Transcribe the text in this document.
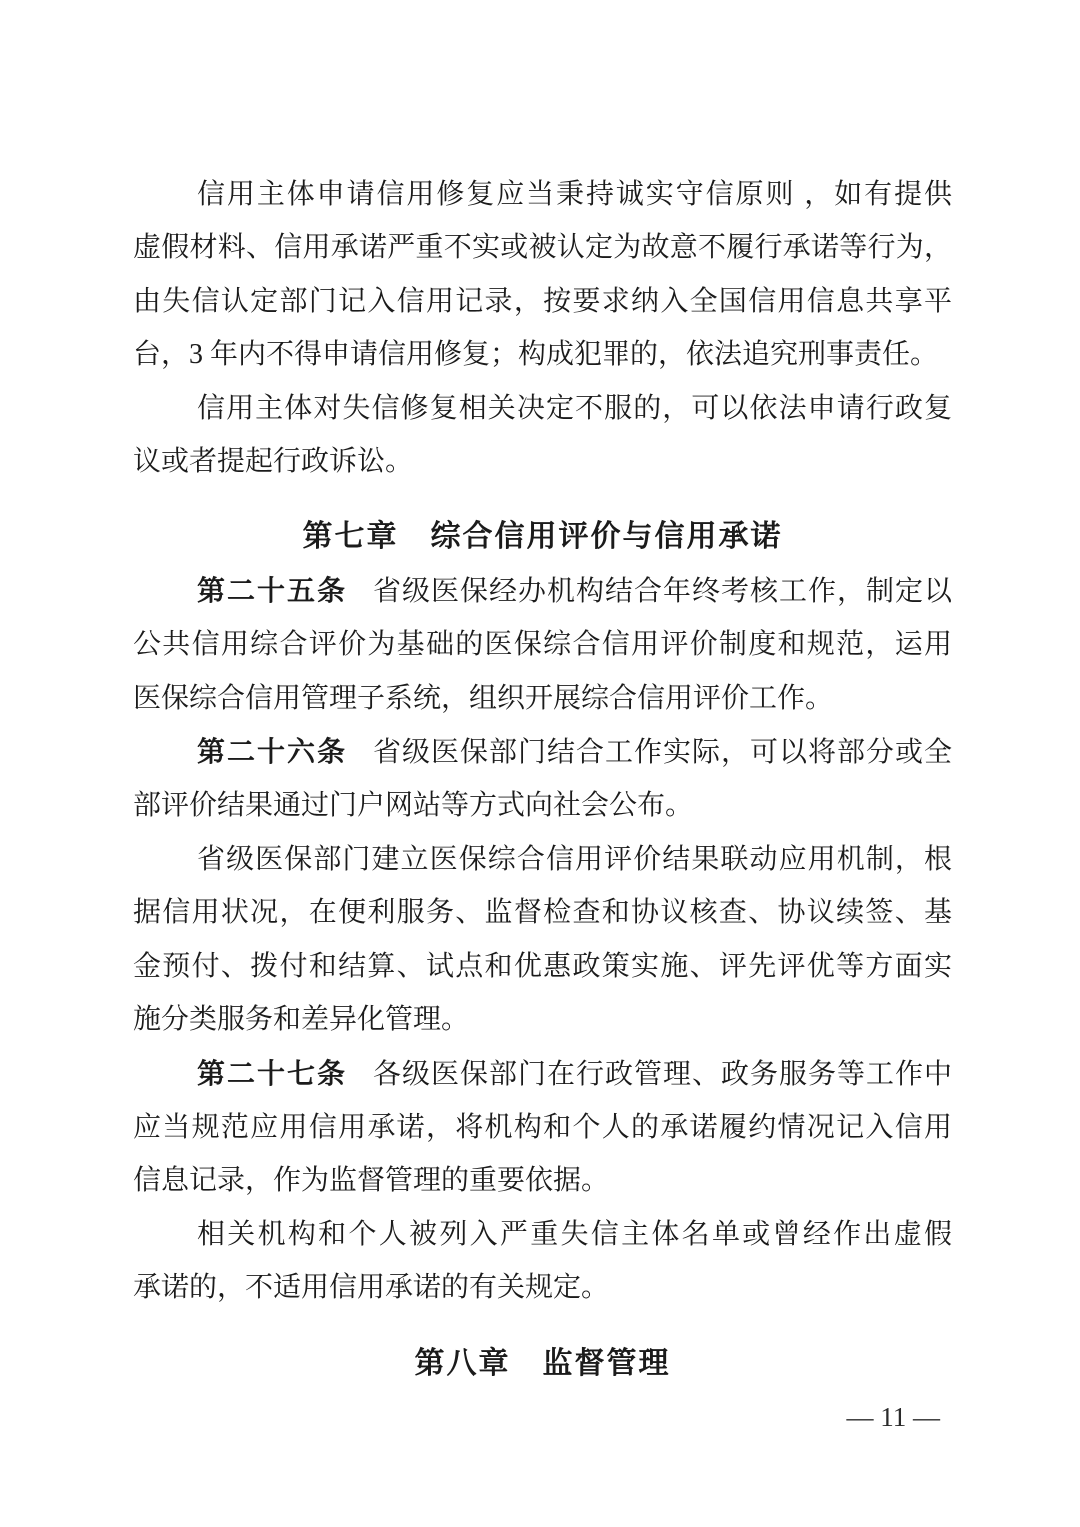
信用主体申请信用修复应当秉持诚实守信原则 ，如有提供
虚假材料、信用承诺严重不实或被认定为故意不履行承诺等行为，
由失信认定部门记入信用记录，按要求纳入全国信用信息共享平
台，3 年内不得申请信用修复；构成犯罪的，依法追究刑事责任。
信用主体对失信修复相关决定不服的，可以依法申请行政复
议或者提起行政诉讼。
第七章　综合信用评价与信用承诺
第二十五条 省级医保经办机构结合年终考核工作，制定以
公共信用综合评价为基础的医保综合信用评价制度和规范，运用
医保综合信用管理子系统，组织开展综合信用评价工作。
第二十六条 省级医保部门结合工作实际，可以将部分或全
部评价结果通过门户网站等方式向社会公布。
省级医保部门建立医保综合信用评价结果联动应用机制，根
据信用状况，在便利服务、监督检查和协议核查、协议续签、基
金预付、拨付和结算、试点和优惠政策实施、评先评优等方面实
施分类服务和差异化管理。
第二十七条 各级医保部门在行政管理、政务服务等工作中
应当规范应用信用承诺，将机构和个人的承诺履约情况记入信用
信息记录，作为监督管理的重要依据。
相关机构和个人被列入严重失信主体名单或曾经作出虚假
承诺的，不适用信用承诺的有关规定。
第八章　监督管理
— 11 —
